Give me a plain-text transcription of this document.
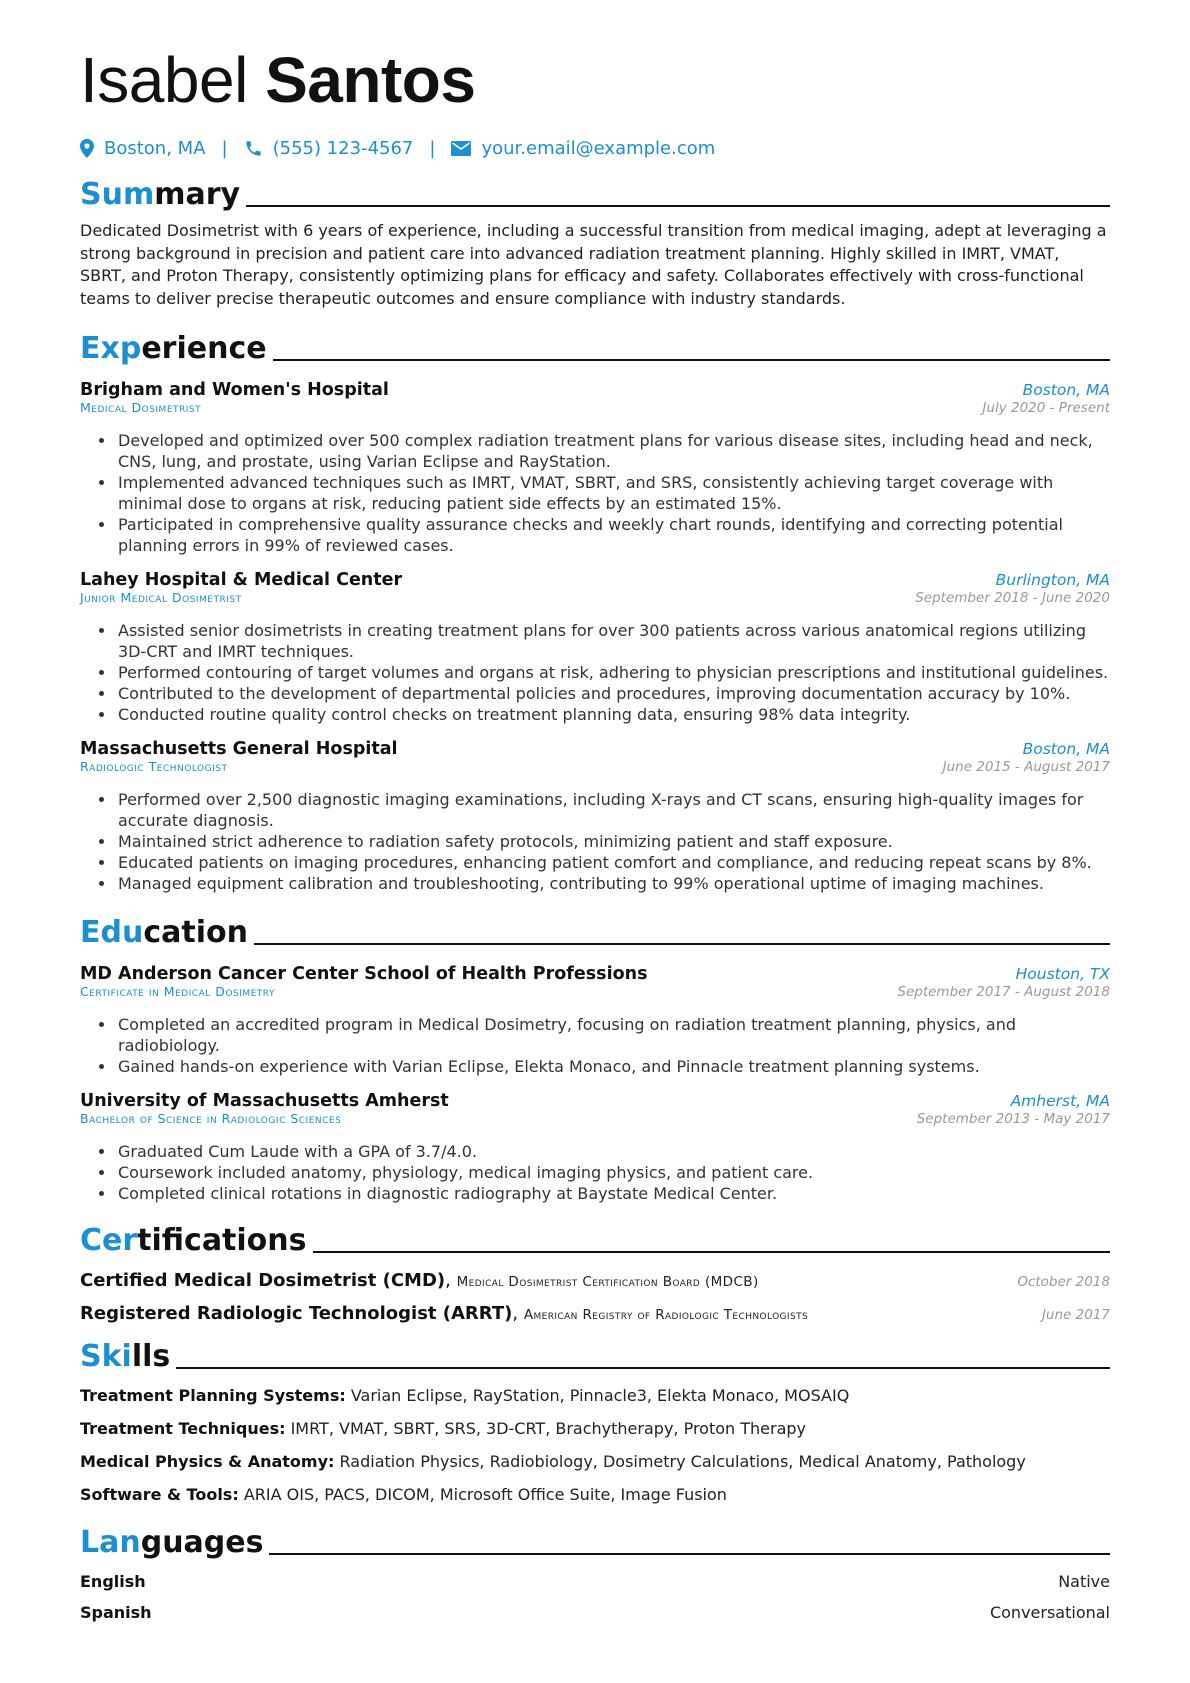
Isabel Santos
Boston, MA |	(555) 123-4567 |	your.email@example.com
Summary

Dedicated Dosimetrist with 6 years of experience, including a successful transition from medical imaging, adept at leveraging a strong background in precision and patient care into advanced radiation treatment planning. Highly skilled in IMRT, VMAT, SBRT, and Proton Therapy, consistently optimizing plans for efficacy and safety. Collaborates effectively with cross-functional teams to deliver precise therapeutic outcomes and ensure compliance with industry standards.

Experience
Brigham and Women's Hospital	Boston, MA
Medical Dosimetrist	July 2020 - Present
• Developed and optimized over 500 complex radiation treatment plans for various disease sites, including head and neck, CNS, lung, and prostate, using Varian Eclipse and RayStation.
• Implemented advanced techniques such as IMRT, VMAT, SBRT, and SRS, consistently achieving target coverage with minimal dose to organs at risk, reducing patient side effects by an estimated 15%.
• Participated in comprehensive quality assurance checks and weekly chart rounds, identifying and correcting potential planning errors in 99% of reviewed cases.
Lahey Hospital & Medical Center	Burlington, MA
Junior Medical Dosimetrist	September 2018 - June 2020
• Assisted senior dosimetrists in creating treatment plans for over 300 patients across various anatomical regions utilizing 3D-CRT and IMRT techniques.
• Performed contouring of target volumes and organs at risk, adhering to physician prescriptions and institutional guidelines.
• Contributed to the development of departmental policies and procedures, improving documentation accuracy by 10%.
• Conducted routine quality control checks on treatment planning data, ensuring 98% data integrity.
Massachusetts General Hospital	Boston, MA
Radiologic Technologist	June 2015 - August 2017
• Performed over 2,500 diagnostic imaging examinations, including X-rays and CT scans, ensuring high-quality images for accurate diagnosis.
• Maintained strict adherence to radiation safety protocols, minimizing patient and staff exposure.
• Educated patients on imaging procedures, enhancing patient comfort and compliance, and reducing repeat scans by 8%.
• Managed equipment calibration and troubleshooting, contributing to 99% operational uptime of imaging machines.
Education
MD Anderson Cancer Center School of Health Professions	Houston, TX
Certificate in Medical Dosimetry	September 2017 - August 2018
• Completed an accredited program in Medical Dosimetry, focusing on radiation treatment planning, physics, and radiobiology.
• Gained hands-on experience with Varian Eclipse, Elekta Monaco, and Pinnacle treatment planning systems.
University of Massachusetts Amherst	Amherst, MA
Bachelor of Science in Radiologic Sciences	September 2013 - May 2017
• Graduated Cum Laude with a GPA of 3.7/4.0.
• Coursework included anatomy, physiology, medical imaging physics, and patient care.
• Completed clinical rotations in diagnostic radiography at Baystate Medical Center.
Certifications
Certified Medical Dosimetrist (CMD), Medical Dosimetrist Certification Board (MDCB)	October 2018
Registered Radiologic Technologist (ARRT), American Registry of Radiologic Technologists	June 2017
Skills
Treatment Planning Systems: Varian Eclipse, RayStation, Pinnacle3, Elekta Monaco, MOSAIQ
Treatment Techniques: IMRT, VMAT, SBRT, SRS, 3D-CRT, Brachytherapy, Proton Therapy
Medical Physics & Anatomy: Radiation Physics, Radiobiology, Dosimetry Calculations, Medical Anatomy, Pathology
Software & Tools: ARIA OIS, PACS, DICOM, Microsoft Office Suite, Image Fusion
Languages
English	Native
Spanish	Conversational
